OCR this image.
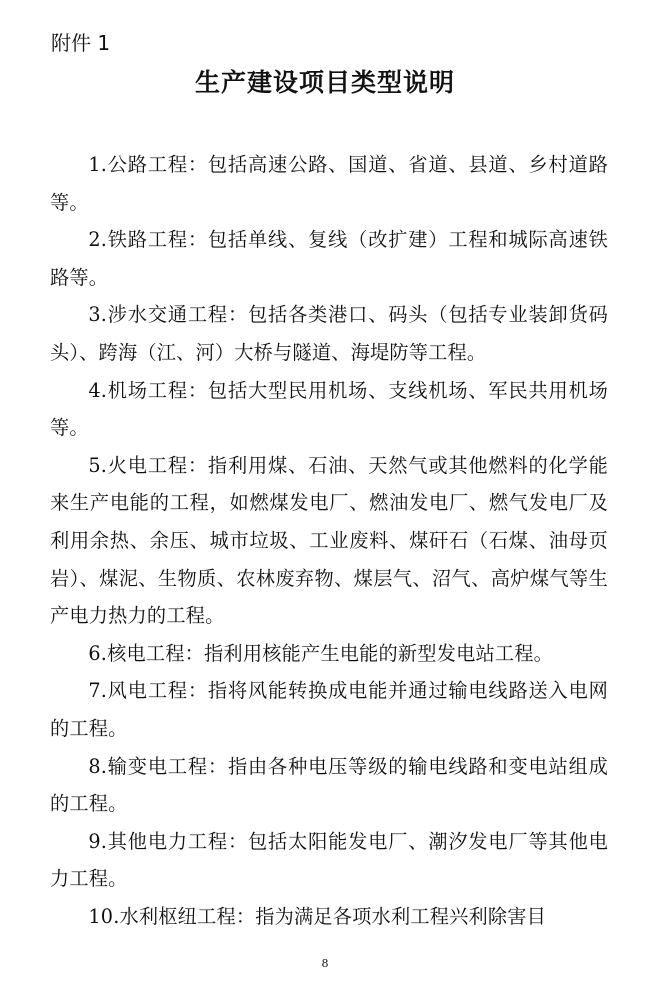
附件 1
生产建设项目类型说明

1.公路工程：包括高速公路、国道、省道、县道、乡村道路等。

2.铁路工程：包括单线、复线（改扩建）工程和城际高速铁路等。

3.涉水交通工程：包括各类港口、码头（包括专业装卸货码头）、跨海（江、河）大桥与隧道、海堤防等工程。

4.机场工程：包括大型民用机场、支线机场、军民共用机场等。

5.火电工程：指利用煤、石油、天然气或其他燃料的化学能来生产电能的工程，如燃煤发电厂、燃油发电厂、燃气发电厂及利用余热、余压、城市垃圾、工业废料、煤矸石（石煤、油母页岩）、煤泥、生物质、农林废弃物、煤层气、沼气、高炉煤气等生产电力热力的工程。

6.核电工程：指利用核能产生电能的新型发电站工程。

7.风电工程：指将风能转换成电能并通过输电线路送入电网的工程。

8.输变电工程：指由各种电压等级的输电线路和变电站组成的工程。

9.其他电力工程：包括太阳能发电厂、潮汐发电厂等其他电力工程。

10.水利枢纽工程：指为满足各项水利工程兴利除害目

8
